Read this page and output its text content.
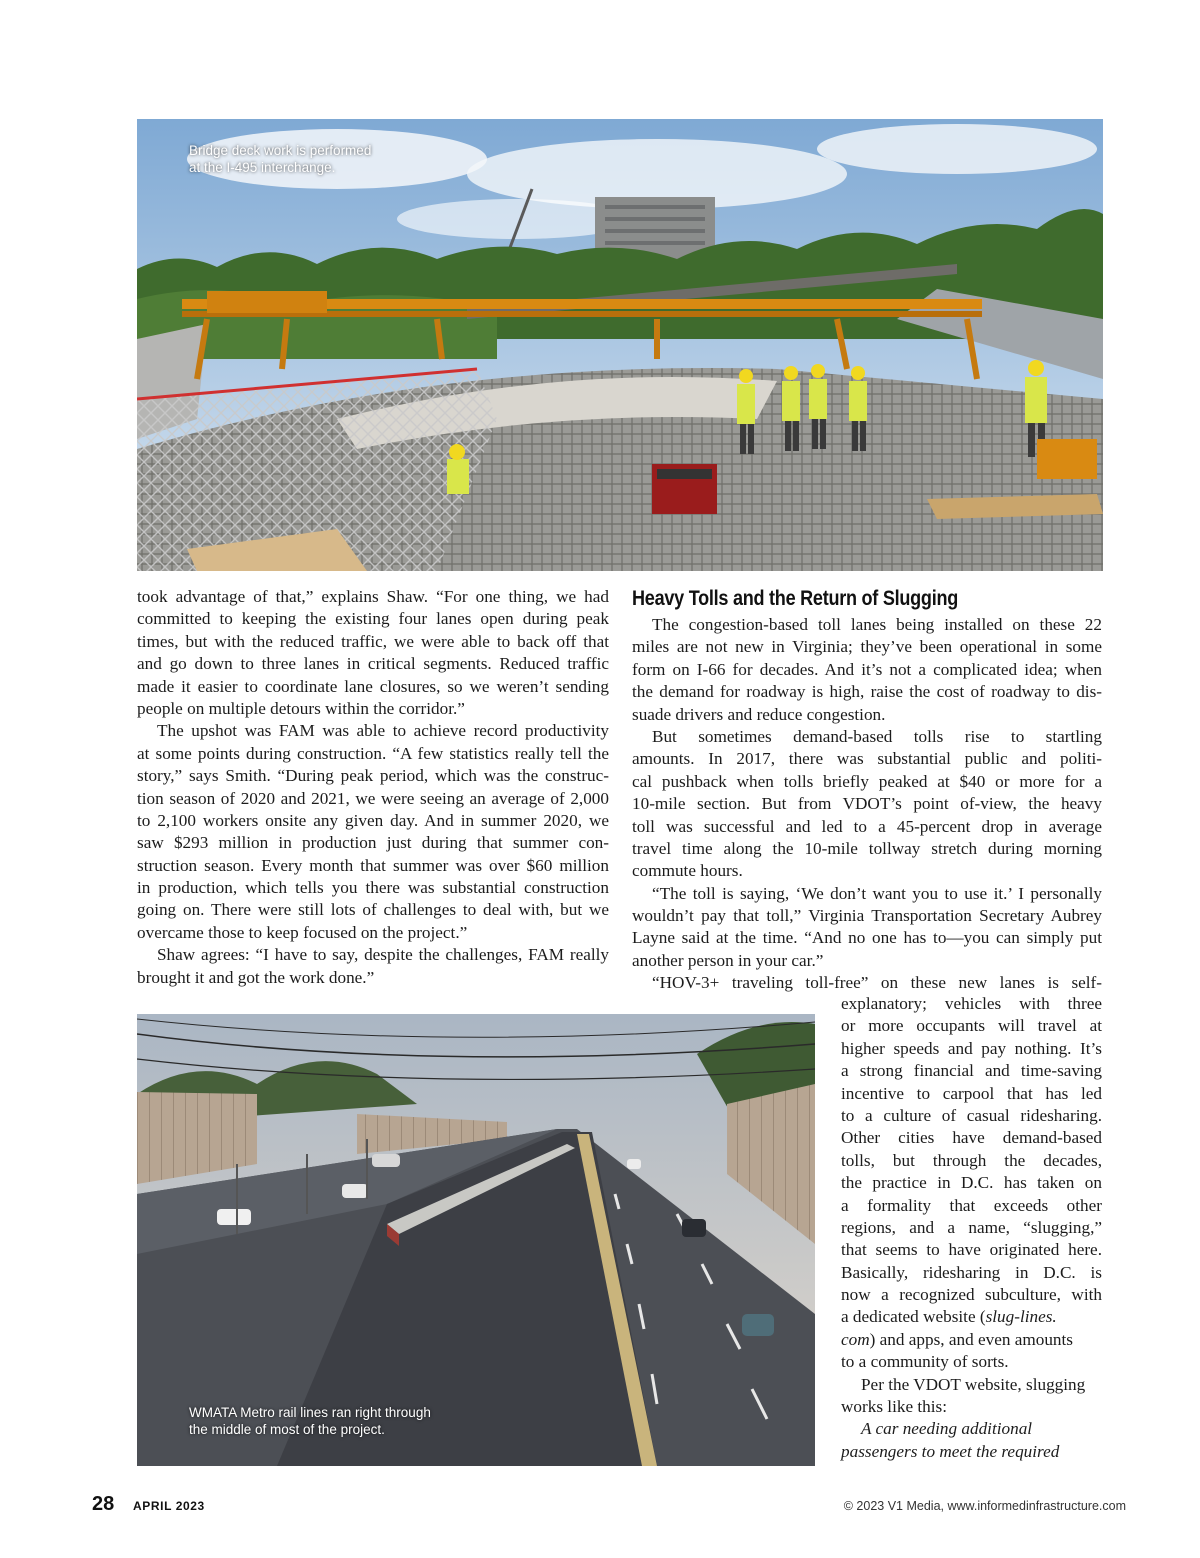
Bridge deck work is performed
at the I-495 interchange.
took advantage of that,” explains Shaw. “For one thing, we had
committed to keeping the existing four lanes open during peak
times, but with the reduced traffic, we were able to back off that
and go down to three lanes in critical segments. Reduced traffic
made it easier to coordinate lane closures, so we weren’t sending
people on multiple detours within the corridor.”
The upshot was FAM was able to achieve record productivity
at some points during construction. “A few statistics really tell the
story,” says Smith. “During peak period, which was the construc-
tion season of 2020 and 2021, we were seeing an average of 2,000
to 2,100 workers onsite any given day. And in summer 2020, we
saw $293 million in production just during that summer con-
struction season. Every month that summer was over $60 million
in production, which tells you there was substantial construction
going on. There were still lots of challenges to deal with, but we
overcame those to keep focused on the project.”
Shaw agrees: “I have to say, despite the challenges, FAM really
brought it and got the work done.”
Heavy Tolls and the Return of Slugging
The congestion-based toll lanes being installed on these 22
miles are not new in Virginia; they’ve been operational in some
form on I-66 for decades. And it’s not a complicated idea; when
the demand for roadway is high, raise the cost of roadway to dis-
suade drivers and reduce congestion.
But sometimes demand-based tolls rise to startling
amounts. In 2017, there was substantial public and politi-
cal pushback when tolls briefly peaked at $40 or more for a
10-mile section. But from VDOT’s point of-view, the heavy
toll was successful and led to a 45-percent drop in average
travel time along the 10-mile tollway stretch during morning
commute hours.
“The toll is saying, ‘We don’t want you to use it.’ I personally
wouldn’t pay that toll,” Virginia Transportation Secretary Aubrey
Layne said at the time. “And no one has to—you can simply put
another person in your car.”
“HOV-3+ traveling toll-free” on these new lanes is self-
explanatory; vehicles with three
or more occupants will travel at
higher speeds and pay nothing. It’s
a strong financial and time-saving
incentive to carpool that has led
to a culture of casual ridesharing.
Other cities have demand-based
tolls, but through the decades,
the practice in D.C. has taken on
a formality that exceeds other
regions, and a name, “slugging,”
that seems to have originated here.
Basically, ridesharing in D.C. is
now a recognized subculture, with
a dedicated website (slug-lines.
com) and apps, and even amounts
to a community of sorts.
Per the VDOT website, slugging
works like this:
A car needing additional
passengers to meet the required
WMATA Metro rail lines ran right through
the middle of most of the project.
28 APRIL 2023	© 2023 V1 Media, www.informedinfrastructure.com
